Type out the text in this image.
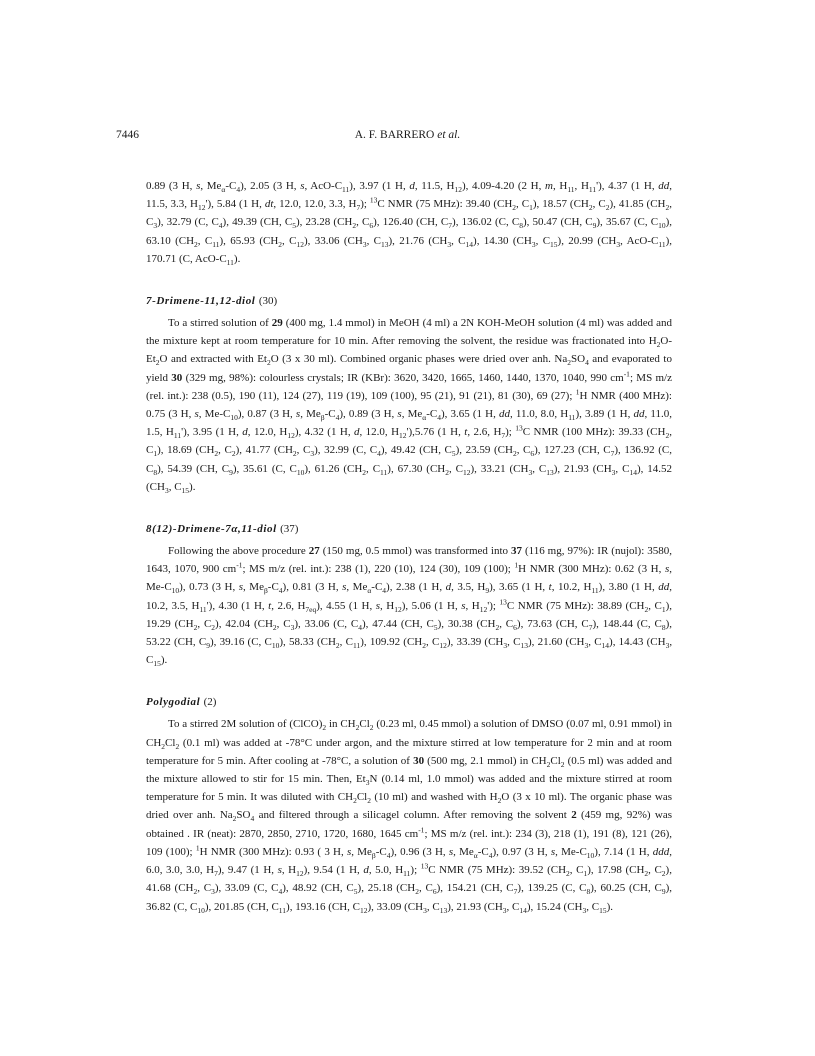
7446	A. F. BARRERO et al.

0.89 (3 H, s, $Me_\alpha-C_4$), 2.05 (3 H, s, AcO-$C_{11}$), 3.97 (1 H, d, 11.5, $H_{12}$), 4.09-4.20 (2 H, m, $H_{11}$, $H_{11}'$), 4.37 (1 H, dd, 11.5, 3.3, $H_{12}'$), 5.84 (1 H, dt, 12.0, 12.0, 3.3, $H_7$); $^{13}$C NMR (75 MHz): 39.40 ($CH_2$, $C_1$), 18.57 ($CH_2$, $C_2$), 41.85 ($CH_2$, $C_3$), 32.79 (C, $C_4$), 49.39 (CH, $C_5$), 23.28 ($CH_2$, $C_6$), 126.40 (CH, $C_7$), 136.02 (C, $C_8$), 50.47 (CH, $C_9$), 35.67 (C, $C_{10}$), 63.10 ($CH_2$, $C_{11}$), 65.93 ($CH_2$, $C_{12}$), 33.06 ($CH_3$, $C_{13}$), 21.76 ($CH_3$, $C_{14}$), 14.30 ($CH_3$, $C_{15}$), 20.99 ($CH_3$, AcO-$C_{11}$), 170.71 (C, AcO-$C_{11}$).

7-Drimene-11,12-diol (30)

To a stirred solution of 29 (400 mg, 1.4 mmol) in MeOH (4 ml) a 2N KOH-MeOH solution (4 ml) was added and the mixture kept at room temperature for 10 min. After removing the solvent, the residue was fractionated into $H_2O-Et_2O$ and extracted with $Et_2O$ (3 x 30 ml). Combined organic phases were dried over anh. $Na_2SO_4$ and evaporated to yield 30 (329 mg, 98%): colourless crystals; IR (KBr): 3620, 3420, 1665, 1460, 1440, 1370, 1040, 990 $cm^{-1}$; MS m/z (rel. int.): 238 (0.5), 190 (11), 124 (27), 119 (19), 109 (100), 95 (21), 91 (21), 81 (30), 69 (27); $^1$H NMR (400 MHz): 0.75 (3 H, s, $Me-C_{10}$), 0.87 (3 H, s, $Me_\beta-C_4$), 0.89 (3 H, s, $Me_\alpha-C_4$), 3.65 (1 H, dd, 11.0, 8.0, $H_{11}$), 3.89 (1 H, dd, 11.0, 1.5, $H_{11}'$), 3.95 (1 H, d, 12.0, $H_{12}$), 4.32 (1 H, d, 12.0, $H_{12}'),5.76$ (1 H, t, 2.6, $H_7$); $^{13}$C NMR (100 MHz): 39.33 ($CH_2$, $C_1$), 18.69 ($CH_2$, $C_2$), 41.77 ($CH_2$, $C_3$), 32.99 (C, $C_4$), 49.42 (CH, $C_5$), 23.59 ($CH_2$, $C_6$), 127.23 (CH, $C_7$), 136.92 (C, $C_8$), 54.39 (CH, $C_9$), 35.61 (C, $C_{10}$), 61.26 ($CH_2$, $C_{11}$), 67.30 ($CH_2$, $C_{12}$), 33.21 ($CH_3$, $C_{13}$), 21.93 ($CH_3$, $C_{14}$), 14.52 ($CH_3$, $C_{15}$).

8(12)-Drimene-7α,11-diol (37)

Following the above procedure 27 (150 mg, 0.5 mmol) was transformed into 37 (116 mg, 97%): IR (nujol): 3580, 1643, 1070, 900 $cm^{-1}$; MS m/z (rel. int.): 238 (1), 220 (10), 124 (30), 109 (100); $^1$H NMR (300 MHz): 0.62 (3 H, s, $Me-C_{10}$), 0.73 (3 H, s, $Me_\beta-C_4$), 0.81 (3 H, s, $Me_\alpha-C_4$), 2.38 (1 H, d, 3.5, $H_9$), 3.65 (1 H, t, 10.2, $H_{11}$), 3.80 (1 H, dd, 10.2, 3.5, $H_{11}'$), 4.30 (1 H, t, 2.6, $H_{7eq}$), 4.55 (1 H, s, $H_{12}$), 5.06 (1 H, s, $H_{12}'$); $^{13}$C NMR (75 MHz): 38.89 ($CH_2$, $C_1$), 19.29 ($CH_2$, $C_2$), 42.04 ($CH_2$, $C_3$), 33.06 (C, $C_4$), 47.44 (CH, $C_5$), 30.38 ($CH_2$, $C_6$), 73.63 (CH, $C_7$), 148.44 (C, $C_8$), 53.22 (CH, $C_9$), 39.16 (C, $C_{10}$), 58.33 ($CH_2$, $C_{11}$), 109.92 ($CH_2$, $C_{12}$), 33.39 ($CH_3$, $C_{13}$), 21.60 ($CH_3$, $C_{14}$), 14.43 ($CH_3$, $C_{15}$).

Polygodial (2)

To a stirred 2M solution of $(ClCO)_2$ in $CH_2Cl_2$ (0.23 ml, 0.45 mmol) a solution of DMSO (0.07 ml, 0.91 mmol) in $CH_2Cl_2$ (0.1 ml) was added at -78°C under argon, and the mixture stirred at low temperature for 2 min and at room temperature for 5 min. After cooling at -78°C, a solution of 30 (500 mg, 2.1 mmol) in $CH_2Cl_2$ (0.5 ml) was added and the mixture allowed to stir for 15 min. Then, $Et_3N$ (0.14 ml, 1.0 mmol) was added and the mixture stirred at room temperature for 5 min. It was diluted with $CH_2Cl_2$ (10 ml) and washed with $H_2O$ (3 x 10 ml). The organic phase was dried over anh. $Na_2SO_4$ and filtered through a silicagel column. After removing the solvent 2 (459 mg, 92%) was obtained . IR (neat): 2870, 2850, 2710, 1720, 1680, 1645 $cm^{-1}$; MS m/z (rel. int.): 234 (3), 218 (1), 191 (8), 121 (26), 109 (100); $^1$H NMR (300 MHz): 0.93 ( 3 H, s, $Me_\beta-C_4$), 0.96 (3 H, s, $Me_\alpha-C_4$), 0.97 (3 H, s, $Me-C_{10}$), 7.14 (1 H, ddd, 6.0, 3.0, 3.0, $H_7$), 9.47 (1 H, s, $H_{12}$), 9.54 (1 H, d, 5.0, $H_{11}$); $^{13}$C NMR (75 MHz): 39.52 ($CH_2$, $C_1$), 17.98 ($CH_2$, $C_2$), 41.68 ($CH_2$, $C_3$), 33.09 (C, $C_4$), 48.92 (CH, $C_5$), 25.18 ($CH_2$, $C_6$), 154.21 (CH, $C_7$), 139.25 (C, $C_8$), 60.25 (CH, $C_9$), 36.82 (C, $C_{10}$), 201.85 (CH, $C_{11}$), 193.16 (CH, $C_{12}$), 33.09 ($CH_3$, $C_{13}$), 21.93 ($CH_3$, $C_{14}$), 15.24 ($CH_3$, $C_{15}$).
